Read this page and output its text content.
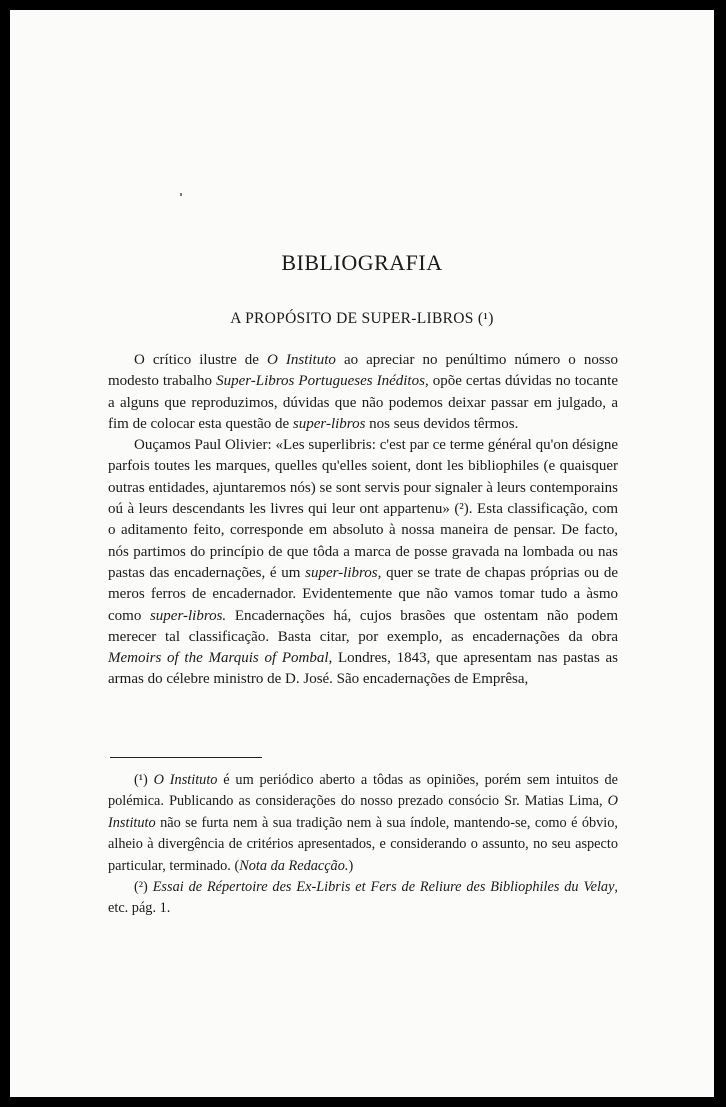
BIBLIOGRAFIA
A PROPÓSITO DE SUPER-LIBROS (¹)

O crítico ilustre de O Instituto ao apreciar no penúltimo número o nosso modesto trabalho Super-Libros Portugueses Inéditos, opõe certas dúvidas no tocante a alguns que reproduzimos, dúvidas que não podemos deixar passar em julgado, a fim de colocar esta questão de super-libros nos seus devidos têrmos.

Ouçamos Paul Olivier: «Les superlibris: c'est par ce terme général qu'on désigne parfois toutes les marques, quelles qu'elles soient, dont les bibliophiles (e quaisquer outras entidades, ajuntaremos nós) se sont servis pour signaler à leurs contemporains oú à leurs descendants les livres qui leur ont appartenu» (²). Esta classificação, com o aditamento feito, corresponde em absoluto à nossa maneira de pensar. De facto, nós partimos do princípio de que tôda a marca de posse gravada na lombada ou nas pastas das encadernações, é um super-libros, quer se trate de chapas próprias ou de meros ferros de encadernador. Evidentemente que não vamos tomar tudo a àsmo como super-libros. Encadernações há, cujos brasões que ostentam não podem merecer tal classificação. Basta citar, por exemplo, as encadernações da obra Memoirs of the Marquis of Pombal, Londres, 1843, que apresentam nas pastas as armas do célebre ministro de D. José. São encadernações de Emprêsa,

(¹) O Instituto é um periódico aberto a tôdas as opiniões, porém sem intuitos de polémica. Publicando as considerações do nosso prezado consócio Sr. Matias Lima, O Instituto não se furta nem à sua tradição nem à sua índole, mantendo-se, como é óbvio, alheio à divergência de critérios apresentados, e considerando o assunto, no seu aspecto particular, terminado. (Nota da Redacção.)

(²) Essai de Répertoire des Ex-Libris et Fers de Reliure des Bibliophiles du Velay, etc. pág. 1.
